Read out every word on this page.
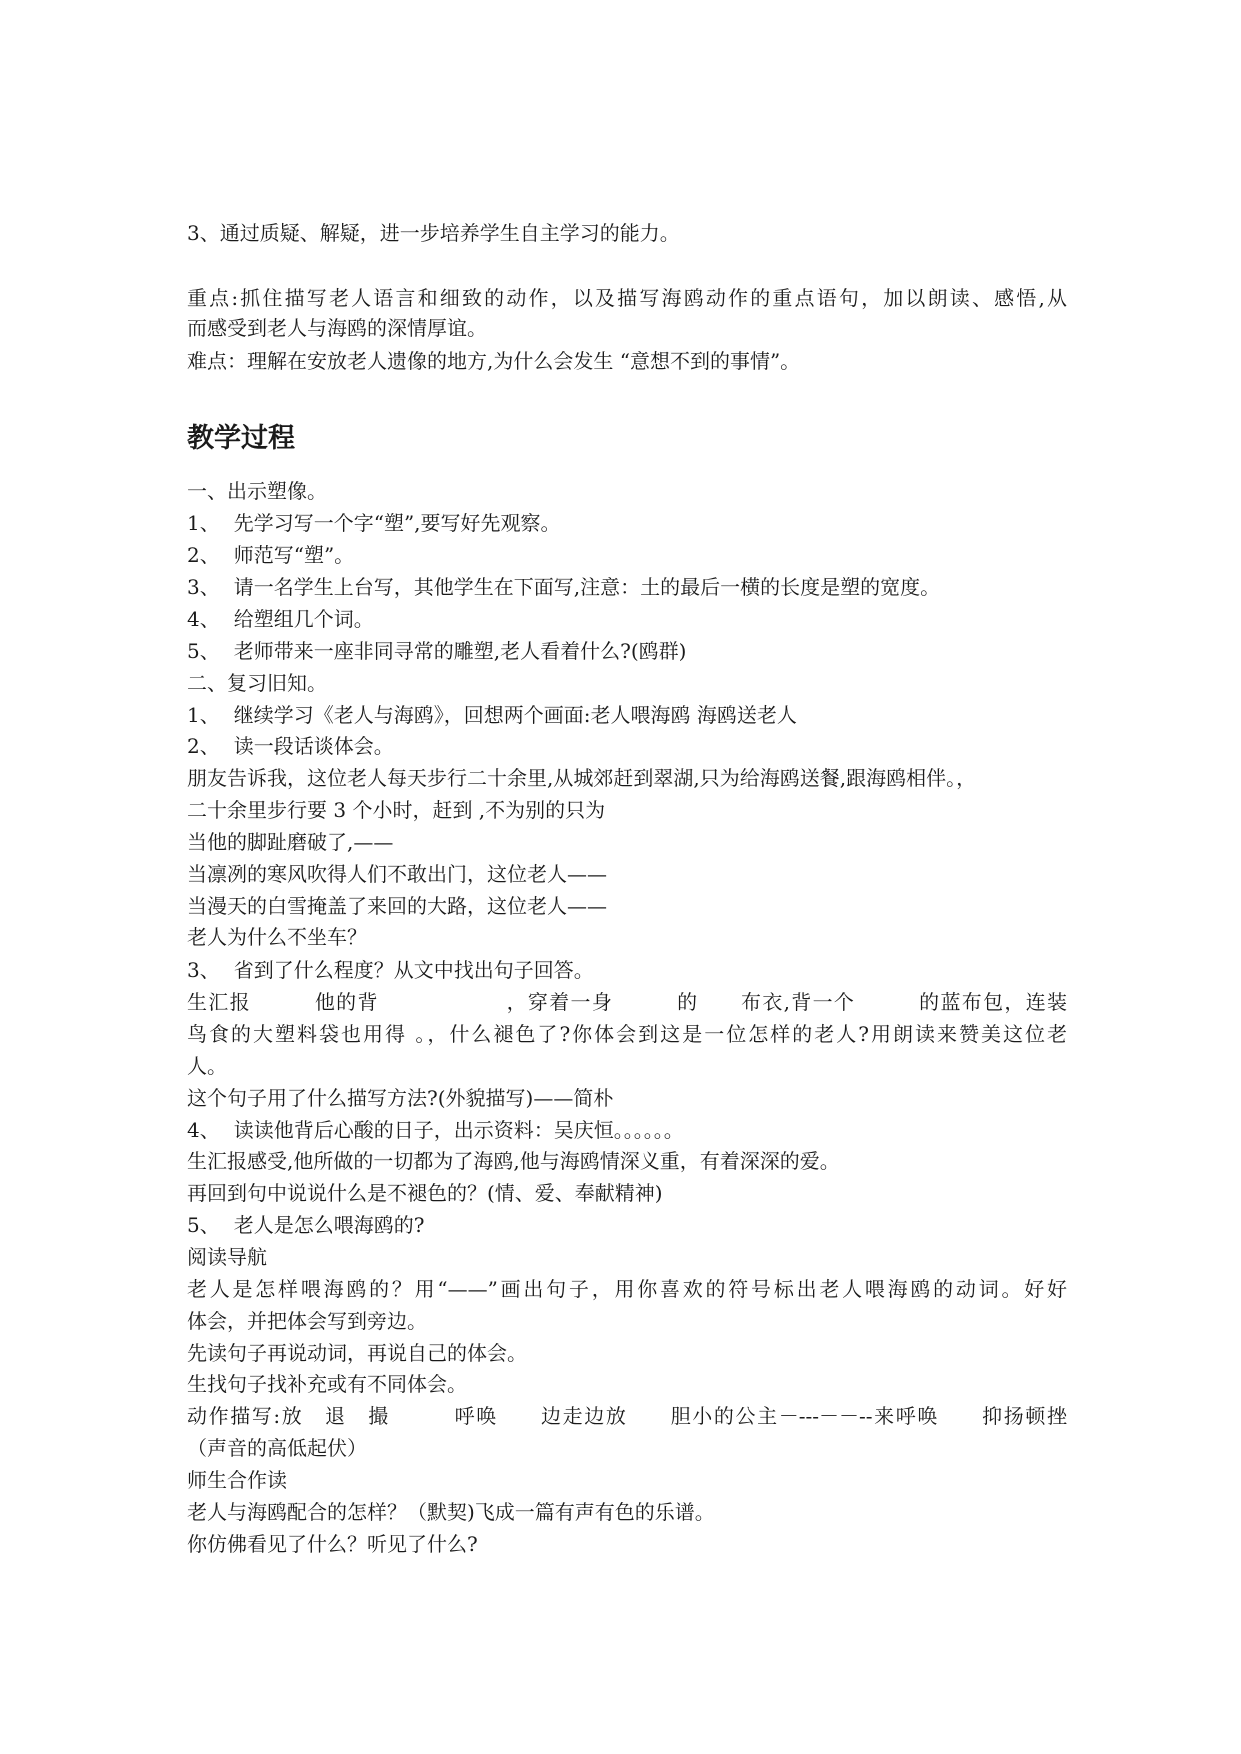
3、通过质疑、解疑，进一步培养学生自主学习的能力。
重点:抓住描写老人语言和细致的动作，以及描写海鸥动作的重点语句，加以朗读、感悟,从
而感受到老人与海鸥的深情厚谊。
难点：理解在安放老人遗像的地方,为什么会发生 “意想不到的事情”。
教学过程
一、出示塑像。
1、 先学习写一个字“塑”,要写好先观察。
2、 师范写“塑”。
3、 请一名学生上台写，其他学生在下面写,注意：土的最后一横的长度是塑的宽度。
4、 给塑组几个词。
5、 老师带来一座非同寻常的雕塑,老人看着什么?(鸥群)
二、复习旧知。
1、 继续学习《老人与海鸥》，回想两个画面:老人喂海鸥 海鸥送老人
2、 读一段话谈体会。
朋友告诉我，这位老人每天步行二十余里,从城郊赶到翠湖,只为给海鸥送餐,跟海鸥相伴。，
二十余里步行要 3 个小时，赶到 ,不为别的只为
当他的脚趾磨破了,——
当凛冽的寒风吹得人们不敢出门，这位老人——
当漫天的白雪掩盖了来回的大路，这位老人——
老人为什么不坐车？
3、 省到了什么程度？从文中找出句子回答。
生汇报　　　他的背　　　　　　，穿着一身　　　的　　布衣,背一个　　　的蓝布包，连装
鸟食的大塑料袋也用得 。，什么褪色了?你体会到这是一位怎样的老人?用朗读来赞美这位老
人。
这个句子用了什么描写方法?(外貌描写)——简朴
4、 读读他背后心酸的日子，出示资料：吴庆恒。。。。。。
生汇报感受,他所做的一切都为了海鸥,他与海鸥情深义重，有着深深的爱。
再回到句中说说什么是不褪色的？(情、爱、奉献精神)
5、 老人是怎么喂海鸥的?
阅读导航
老人是怎样喂海鸥的？用“——”画出句子，用你喜欢的符号标出老人喂海鸥的动词。好好
体会，并把体会写到旁边。
先读句子再说动词，再说自己的体会。
生找句子找补充或有不同体会。
动作描写:放　退　撮　　　呼唤　　边走边放　　胆小的公主－---－－--来呼唤　　抑扬顿挫
（声音的高低起伏）
师生合作读
老人与海鸥配合的怎样？（默契)飞成一篇有声有色的乐谱。
你仿佛看见了什么？听见了什么?
